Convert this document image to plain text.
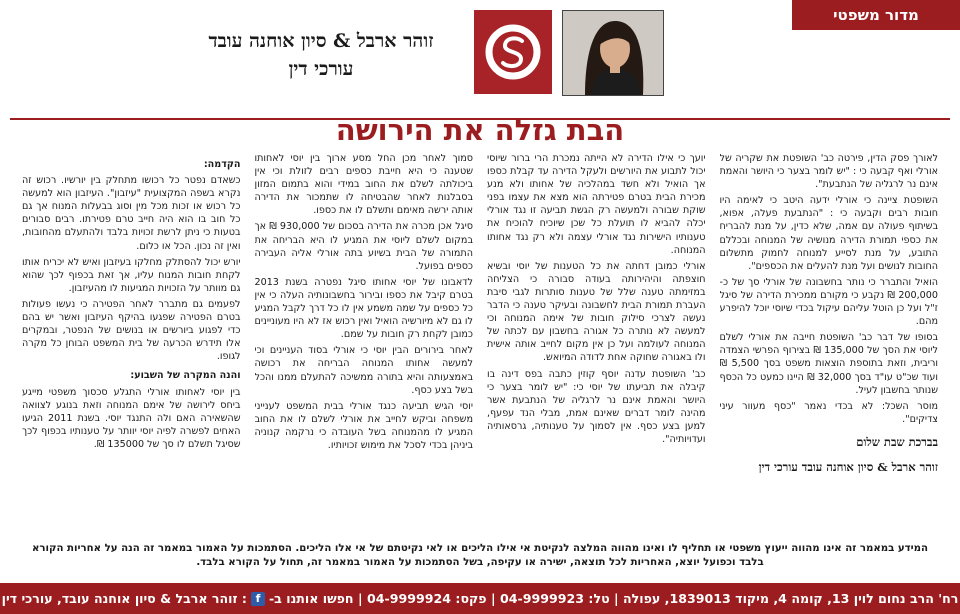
מדור משפטי
זוהר ארבל & סיון אוחנה עובד
עורכי דין
הבת גזלה את הירושה

הקדמה:

כשאדם נפטר כל רכושו מתחלק בין יורשיו. רכוש זה נקרא בשפה המקצועית "עיזבון". העיזבון הוא למעשה כל רכוש או זכות מכל מין וסוג בבעלות המנוח אך גם כל חוב בו הוא היה חייב טרם פטירתו. רבים סבורים בטעות כי ניתן לרשת זכויות בלבד ולהתעלם מהחובות, ואין זה נכון. הכל או כלום.

יורש יכול להסתלק מחלקו בעיזבון ואיש לא יכריח אותו לקחת חובות המנוח עליו, אך זאת בכפוף לכך שהוא גם מוותר על הזכויות המגיעות לו מהעיזבון.

לפעמים גם מתברר לאחר הפטירה כי נעשו פעולות בטרם הפטירה שפגעו בהיקף העיזבון ואשר יש בהם כדי לפגוע ביורשים או בנושים של הנפטר, ובמקרים אלו תידרש הכרעה של בית המשפט הבוחן כל מקרה לגופו.

והנה המקרה של השבוע:

בין יוסי לאחותו אורלי התגלע סכסוך משפטי מייגע ביחס לירושה של אימם המנוחה וזאת בנוגע לצוואה שהשאירה האם ולה התנגד יוסי. בשנת 2011 הגיעו האחים לפשרה לפיה יוסי יוותר על טענותיו בכפוף לכך שסיגל תשלם לו סך של 135000 ₪.

סמוך לאחר מכן החל מסע ארוך בין יוסי לאחותו שטענה כי היא חייבת כספים רבים לזולת וכי אין ביכולתה לשלם את החוב במידי והוא בתמום המזון בסבלנות לאחר שהבטיחה לו שתמכור את הדירה אותה ירשה מאימם ותשלם לו את כספו.

סיגל אכן מכרה את הדירה בסכום של 930,000 ₪ אך במקום לשלם ליוסי את המגיע לו היא הבריחה את התמורה של הבית בשיוע בתה אורלי אליה העבירה כספים בפועל.

לדאבונו של יוסי אחותו סיגל נפטרה בשנת 2013 בטרם קיבל את כספו ובירור בחשבונותיה העלה כי אין כל כספים על שמה משמע אין לו כל דרך לקבל המגיע לו גם לא מיורשיה הואיל ואין רכוש אז לא היו מעוניינים כמובן לקחת רק חובות על שמם.

לאחר בירורים הבין יוסי כי אורלי בסוד העניינים וכי למעשה אחותו המנוחה הבריחה את רכושה באמצעותה והיא בתורה ממשיכה להתעלם ממנו והכל בשל בצע כסף.

יוסי הגיש תביעה כנגד אורלי בבית המשפט לענייני משפחה וביקש לחייב את אורלי לשלם לו את החוב המגיע לו מהמנוחה בשל העובדה כי נרקמה קנוניה ביניהן בכדי לסכל את מימוש זכויותיו.

יועך כי אילו הדירה לא הייתה נמכרת הרי ברור שיוסי יכול לתבוע את היורשים ולעקל הדירה עד קבלת כספו אך הואיל ולא חשד במהלכיה של אחותו ולא מנע מכירת הבית בטרם פטירתה הוא מצא את עצמו בפני שוקת שבורה ולמעשה רק הגשת תביעה זו נגד אורלי יכלה להביא לו תועלת כל שכן שיוכיח להוכיח את טענותיו הישירות נגד אורלי עצמה ולא רק נגד אחותו המנוחה.

אורלי כמובן דחתה את כל הטענות של יוסי ובשיא חוצפתה והיהירותה בעודה סבורה כי הצליחה במזימתה טענה שלל של טענות סותרות לגבי סיבת העברת תמורת הבית לחשבונה ובעיקר טענה כי הדבר נעשה לצרכי סילוק חובות של אימה המנוחה וכי למעשה לא נותרה כל אגורה בחשבון עם לכתה של המנוחה לעולמה ועל כן אין מקום לחייב אותה אישית ולו באגורה שחוקה אחת לדודה המיואש.

כב' השופטת עדנה יוסף קוזין כתבה בפס דינה בו קיבלה את תביעתו של יוסי כי: "יש לומר בצער כי היושר והאמת אינם נר לרגליה של הנתבעת אשר מהינה לומר דברים שאינם אמת, מבלי הנד עפעף, למען בצע כסף. אין לסמוך על טענותיה, גרסאותיה ועדויותיה".

לאורך פסק הדין, פירטה כב' השופטת את שקריה של אורלי ואף קבעה כי : "יש לומר בצער כי היושר והאמת אינם נר לרגליה של הנתבעת".

השופטת ציינה כי אורלי ידעה היטב כי לאימה היו חובות רבים וקבעה כי : "הנתבעת פעלה, אפוא, בשיתוף פעולה עם אמה, שלא כדין, על מנת להבריח את כספי תמורת הדירה מנושיה של המנוחה ובכללם התובע, על מנת לסייע למנוחה לחמוק מתשלום החובות לנושים ועל מנת להעלים את הכספים".

הואיל והתברר כי נותר בחשבונה של אורלי סך של כ- 200,000 ₪ נקבע כי מקורם ממכירת הדירה של סיגל ז"ל ועל כן הוטל עליהם עיקול בכדי שיוסי יוכל להיפרע מהם.

בסופו של דבר כב' השופטת חייבה את אורלי לשלם ליוסי את הסך של 135,000 ₪ בצירוף הפרשי הצמדה וריבית, וזאת בתוספת הוצאות משפט בסך 5,500 ₪ ועוד שכ"ט עו"ד בסך 32,000 ₪ היינו כמעט כל הכסף שנותר בחשבון לעיל.

מוסר השכל: לא בכדי נאמר "כסף מעוור עיני צדיקים".

בברכת שבת שלום

זוהר ארבל & סיון אוחנה עובד עורכי דין

המידע במאמר זה אינו מהווה ייעוץ משפטי או תחליף לו ואינו מהווה המלצה לנקיטת אי אילו הליכים או לאי נקיטתם של אי אלו הליכים. הסתמכות על האמור במאמר זה הנה על אחריות הקורא בלבד וכפועל יוצא, האחריות לכל תוצאה, ישירה או עקיפה, בשל הסתמכות על האמור במאמר זה, תחול על הקורא בלבד.
רח' הרב נחום לוין 13, קומה 4, מיקוד 1839013, עפולה
|
טל: 04-9999923
|
פקס: 04-9999924
|
חפשו אותנו ב-
f
: זוהר ארבל & סיון אוחנה עובד, עורכי דין
